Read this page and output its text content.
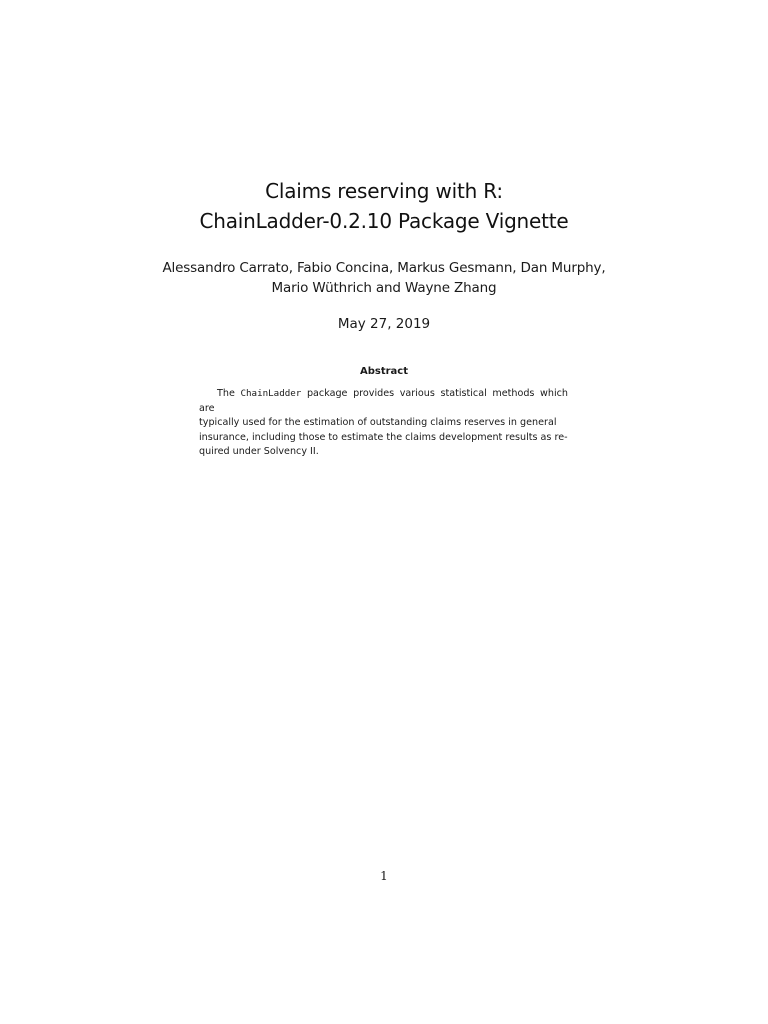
Claims reserving with R:
ChainLadder-0.2.10 Package Vignette
Alessandro Carrato, Fabio Concina, Markus Gesmann, Dan Murphy,
Mario Wüthrich and Wayne Zhang
May 27, 2019
Abstract
The ChainLadder package provides various statistical methods which are
typically used for the estimation of outstanding claims reserves in general
insurance, including those to estimate the claims development results as re-
quired under Solvency II.
1
